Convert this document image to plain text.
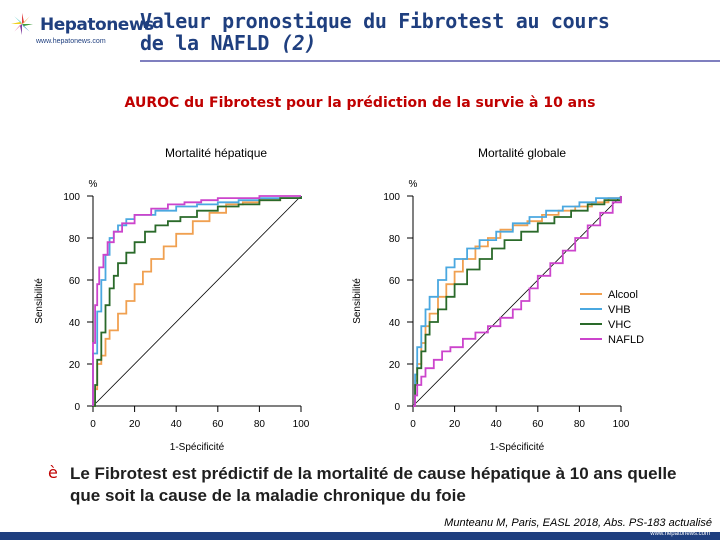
Hepatonews
www.hepatonews.com
Valeur pronostique du Fibrotest au cours
de la NAFLD (2)
AUROC du Fibrotest pour la prédiction de la survie à 10 ans
Mortalité hépatique	Mortalité globale
0
20
40
60
80
100
0	20	40	60	80	100
%
Sensibilité
1-Spécificité
0
20
40
60
80
100
0	20	40	60	80	100
%
Sensibilité
1-Spécificité
Alcool
VHB
VHC
NAFLD
è Le Fibrotest est prédictif de la mortalité de cause hépatique à 10 ans quelle que soit la cause de la maladie chronique du foie
Munteanu M, Paris, EASL 2018, Abs. PS-183 actualisé
www.hepatonews.com
